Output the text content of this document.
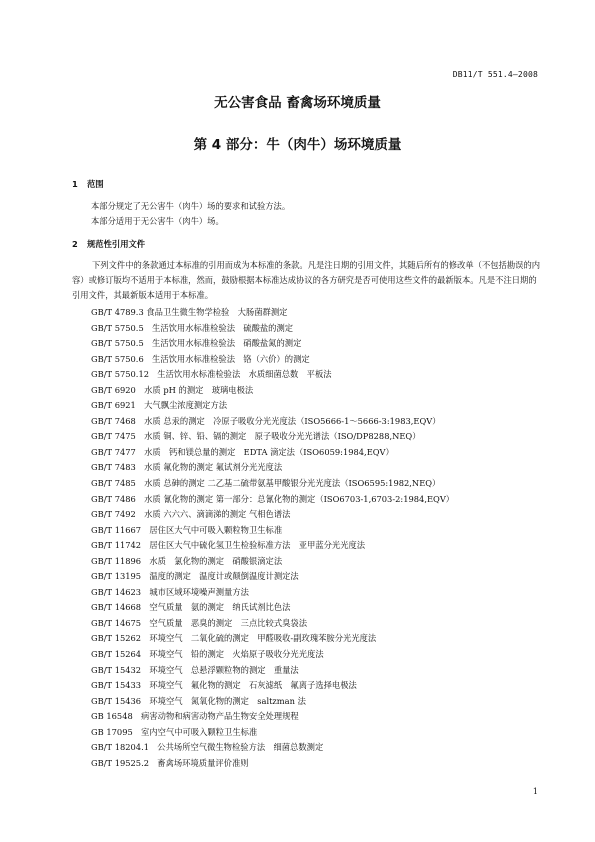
DB11/T 551.4—2008
无公害食品 畜禽场环境质量
第 4 部分：牛（肉牛）场环境质量
1 范围
本部分规定了无公害牛（肉牛）场的要求和试验方法。
本部分适用于无公害牛（肉牛）场。
2 规范性引用文件
下列文件中的条款通过本标准的引用而成为本标准的条款。凡是注日期的引用文件，其随后所有的修改单（不包括勘误的内容）或修订版均不适用于本标准，然而，鼓励根据本标准达成协议的各方研究是否可使用这些文件的最新版本。凡是不注日期的引用文件，其最新版本适用于本标准。
GB/T 4789.3 食品卫生微生物学检验　大肠菌群测定
GB/T 5750.5　生活饮用水标准检验法　硫酸盐的测定
GB/T 5750.5　生活饮用水标准检验法　硝酸盐氮的测定
GB/T 5750.6　生活饮用水标准检验法　铬（六价）的测定
GB/T 5750.12　生活饮用水标准检验法　水质细菌总数　平板法
GB/T 6920　水质 pH 的测定　玻璃电极法
GB/T 6921　大气飘尘浓度测定方法
GB/T 7468　水质 总汞的测定　冷原子吸收分光光度法（ISO5666-1～5666-3:1983,EQV）
GB/T 7475　水质 铜、锌、铅、镉的测定　原子吸收分光光谱法（ISO/DP8288,NEQ）
GB/T 7477　水质　钙和镁总量的测定　EDTA 滴定法（ISO6059:1984,EQV）
GB/T 7483　水质 氟化物的测定 氟试剂分光光度法
GB/T 7485　水质 总砷的测定 二乙基二硫带氨基甲酸银分光光度法（ISO6595:1982,NEQ）
GB/T 7486　水质 氰化物的测定 第一部分：总氰化物的测定（ISO6703-1,6703-2:1984,EQV）
GB/T 7492　水质 六六六、滴滴涕的测定 气相色谱法
GB/T 11667　居住区大气中可吸入颗粒物卫生标准
GB/T 11742　居住区大气中硫化氢卫生检验标准方法　亚甲蓝分光光度法
GB/T 11896　水质　氯化物的测定　硝酸银滴定法
GB/T 13195　温度的测定　温度计或颠倒温度计测定法
GB/T 14623　城市区域环境噪声测量方法
GB/T 14668　空气质量　氨的测定　纳氏试剂比色法
GB/T 14675　空气质量　恶臭的测定　三点比较式臭袋法
GB/T 15262　环境空气　二氧化硫的测定　甲醛吸收-副玫瑰苯胺分光光度法
GB/T 15264　环境空气　铅的测定　火焰原子吸收分光光度法
GB/T 15432　环境空气　总悬浮颗粒物的测定　重量法
GB/T 15433　环境空气　氟化物的测定　石灰滤纸　氟离子选择电极法
GB/T 15436　环境空气　氮氧化物的测定　saltzman 法
GB 16548　病害动物和病害动物产品生物安全处理规程
GB 17095　室内空气中可吸入颗粒卫生标准
GB/T 18204.1　公共场所空气微生物检验方法　细菌总数测定
GB/T 19525.2　畜禽场环境质量评价准则
1
